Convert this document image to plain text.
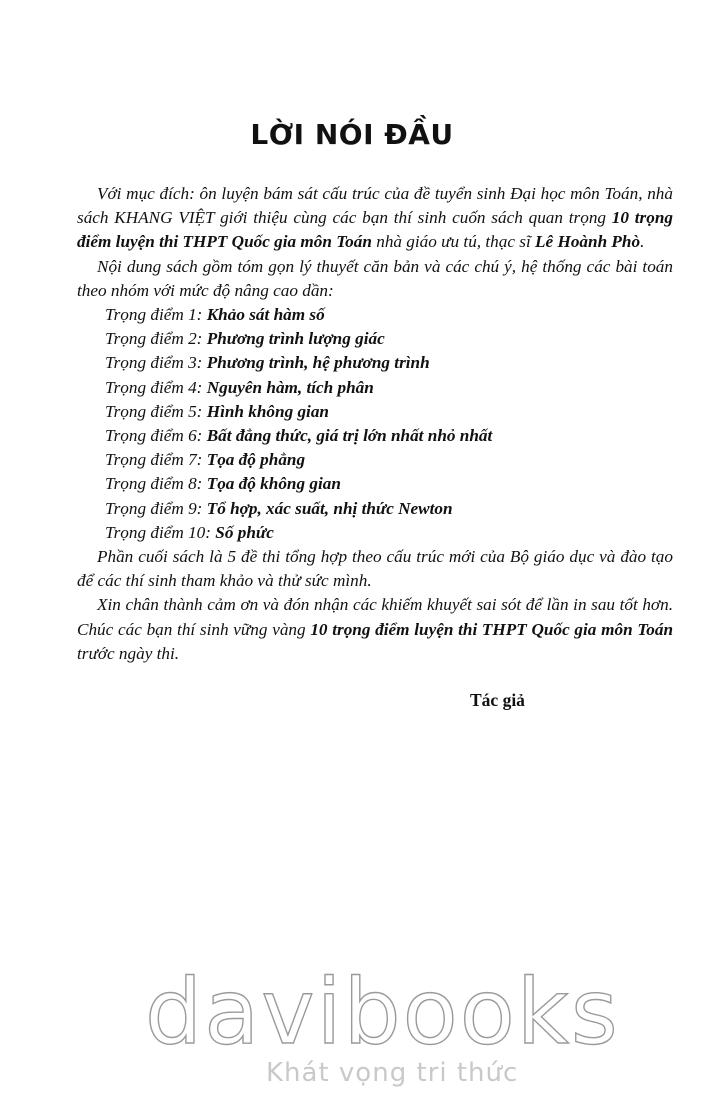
LỜI NÓI ĐẦU

Với mục đích: ôn luyện bám sát cấu trúc của đề tuyển sinh Đại học môn Toán, nhà sách KHANG VIỆT giới thiệu cùng các bạn thí sinh cuốn sách quan trọng 10 trọng điểm luyện thi THPT Quốc gia môn Toán nhà giáo ưu tú, thạc sĩ Lê Hoành Phò.

Nội dung sách gồm tóm gọn lý thuyết căn bản và các chú ý, hệ thống các bài toán theo nhóm với mức độ nâng cao dần:

Trọng điểm 1: Khảo sát hàm số
Trọng điểm 2: Phương trình lượng giác
Trọng điểm 3: Phương trình, hệ phương trình
Trọng điểm 4: Nguyên hàm, tích phân
Trọng điểm 5: Hình không gian
Trọng điểm 6: Bất đẳng thức, giá trị lớn nhất nhỏ nhất
Trọng điểm 7: Tọa độ phẳng
Trọng điểm 8: Tọa độ không gian
Trọng điểm 9: Tổ hợp, xác suất, nhị thức Newton
Trọng điểm 10: Số phức

Phần cuối sách là 5 đề thi tổng hợp theo cấu trúc mới của Bộ giáo dục và đào tạo để các thí sinh tham khảo và thử sức mình.

Xin chân thành cảm ơn và đón nhận các khiếm khuyết sai sót để lần in sau tốt hơn. Chúc các bạn thí sinh vững vàng 10 trọng điểm luyện thi THPT Quốc gia môn Toán trước ngày thi.

Tác giả
davibooks
Khát vọng tri thức
